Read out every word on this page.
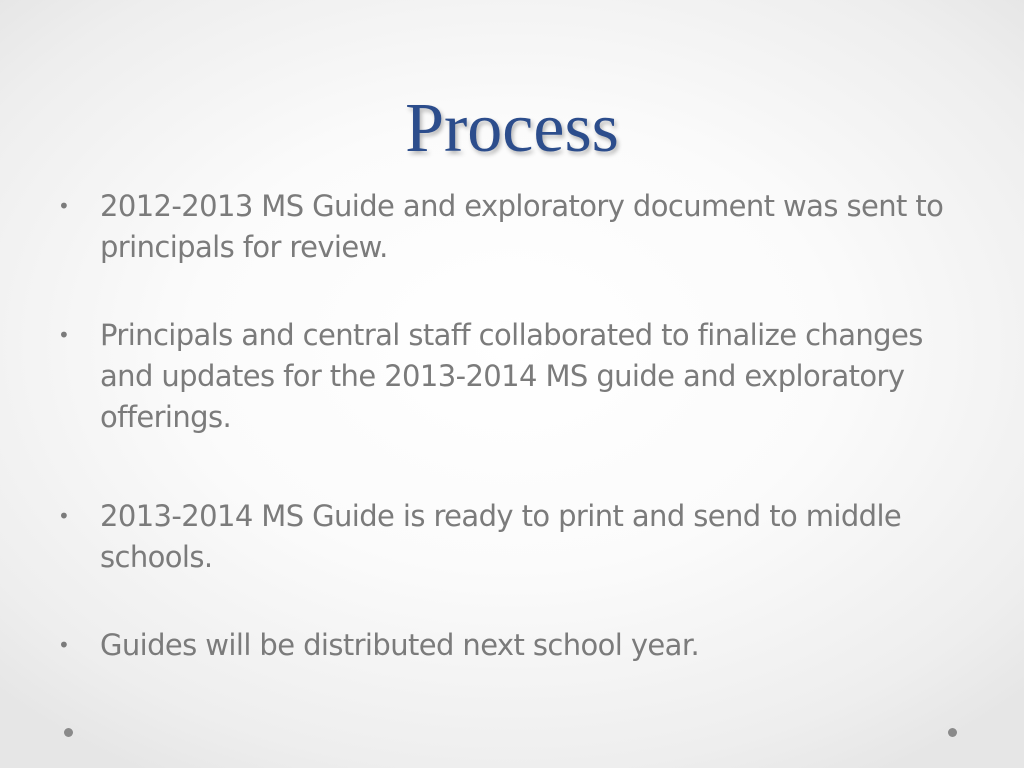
Process
•	2012-2013 MS Guide and exploratory document was sent to principals for review.
•	Principals and central staff collaborated to finalize changes and updates for the 2013-2014 MS guide and exploratory offerings.
•	2013-2014 MS Guide is ready to print and send to middle schools.
•	Guides will be distributed next school year.
